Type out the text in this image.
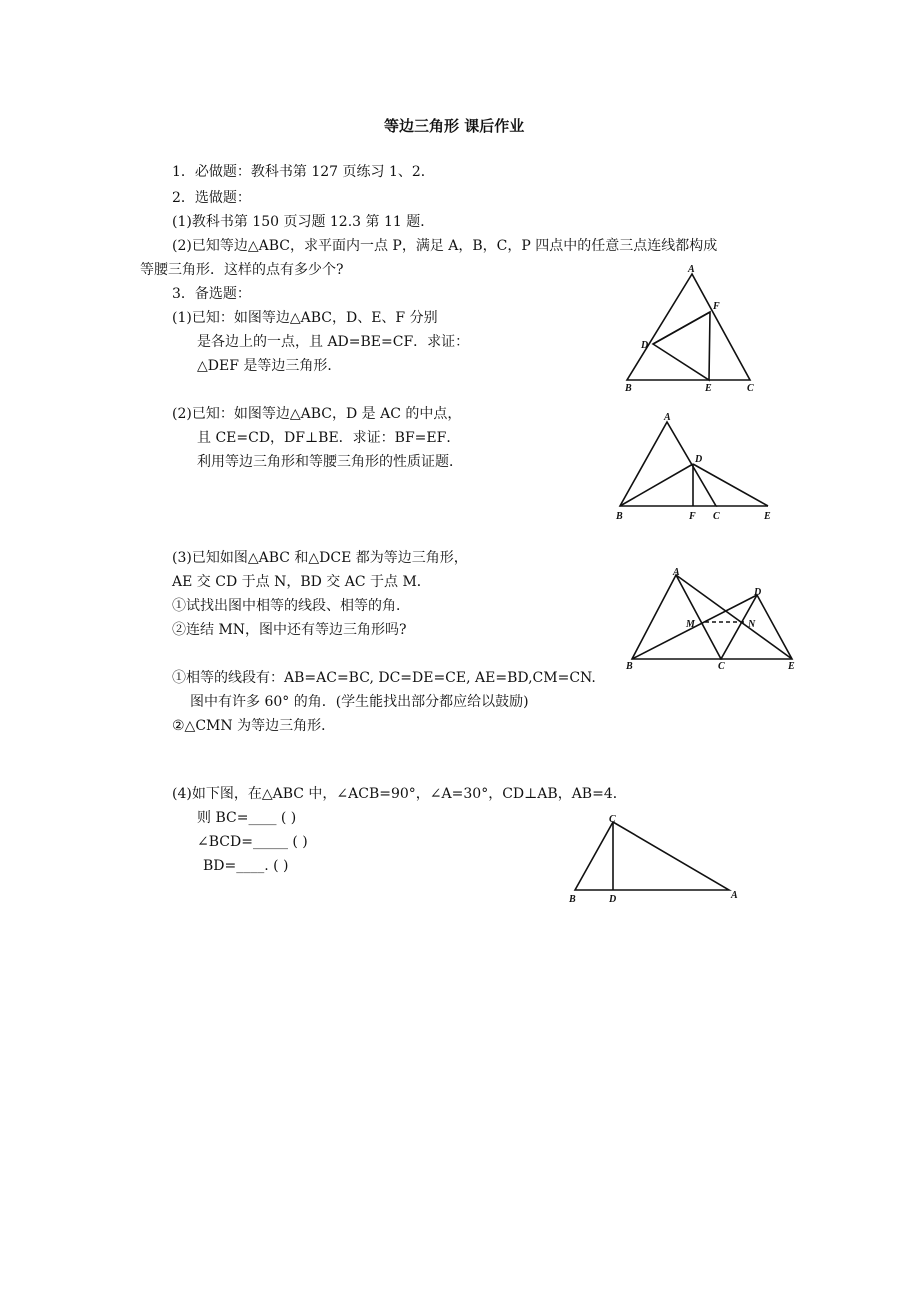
等边三角形 课后作业
1．必做题：教科书第 127 页练习 1、2．
2．选做题：
(1)教科书第 150 页习题 12.3 第 11 题．
(2)已知等边△ABC，求平面内一点 P，满足 A，B，C，P 四点中的任意三点连线都构成
等腰三角形．这样的点有多少个?
3．备选题：
(1)已知：如图等边△ABC，D、E、F 分别
是各边上的一点，且 AD=BE=CF．求证：
△DEF 是等边三角形．
(2)已知：如图等边△ABC，D 是 AC 的中点，
且 CE=CD，DF⊥BE．求证：BF=EF．
利用等边三角形和等腰三角形的性质证题．
(3)已知如图△ABC 和△DCE 都为等边三角形，
AE 交 CD 于点 N，BD 交 AC 于点 M．
①试找出图中相等的线段、相等的角．
②连结 MN，图中还有等边三角形吗?
①相等的线段有：AB=AC=BC, DC=DE=CE, AE=BD,CM=CN.
图中有许多 60° 的角．(学生能找出部分都应给以鼓励)
②△CMN 为等边三角形．
(4)如下图，在△ABC 中，∠ACB=90°，∠A=30°，CD⊥AB，AB=4．
则 BC=____ ( )
∠BCD=_____ ( )
BD=____. ( )
A
B	C
D
E
F
A
B	C
D
E
F
A
B	C
D
E
M	N
C
B	D	A
